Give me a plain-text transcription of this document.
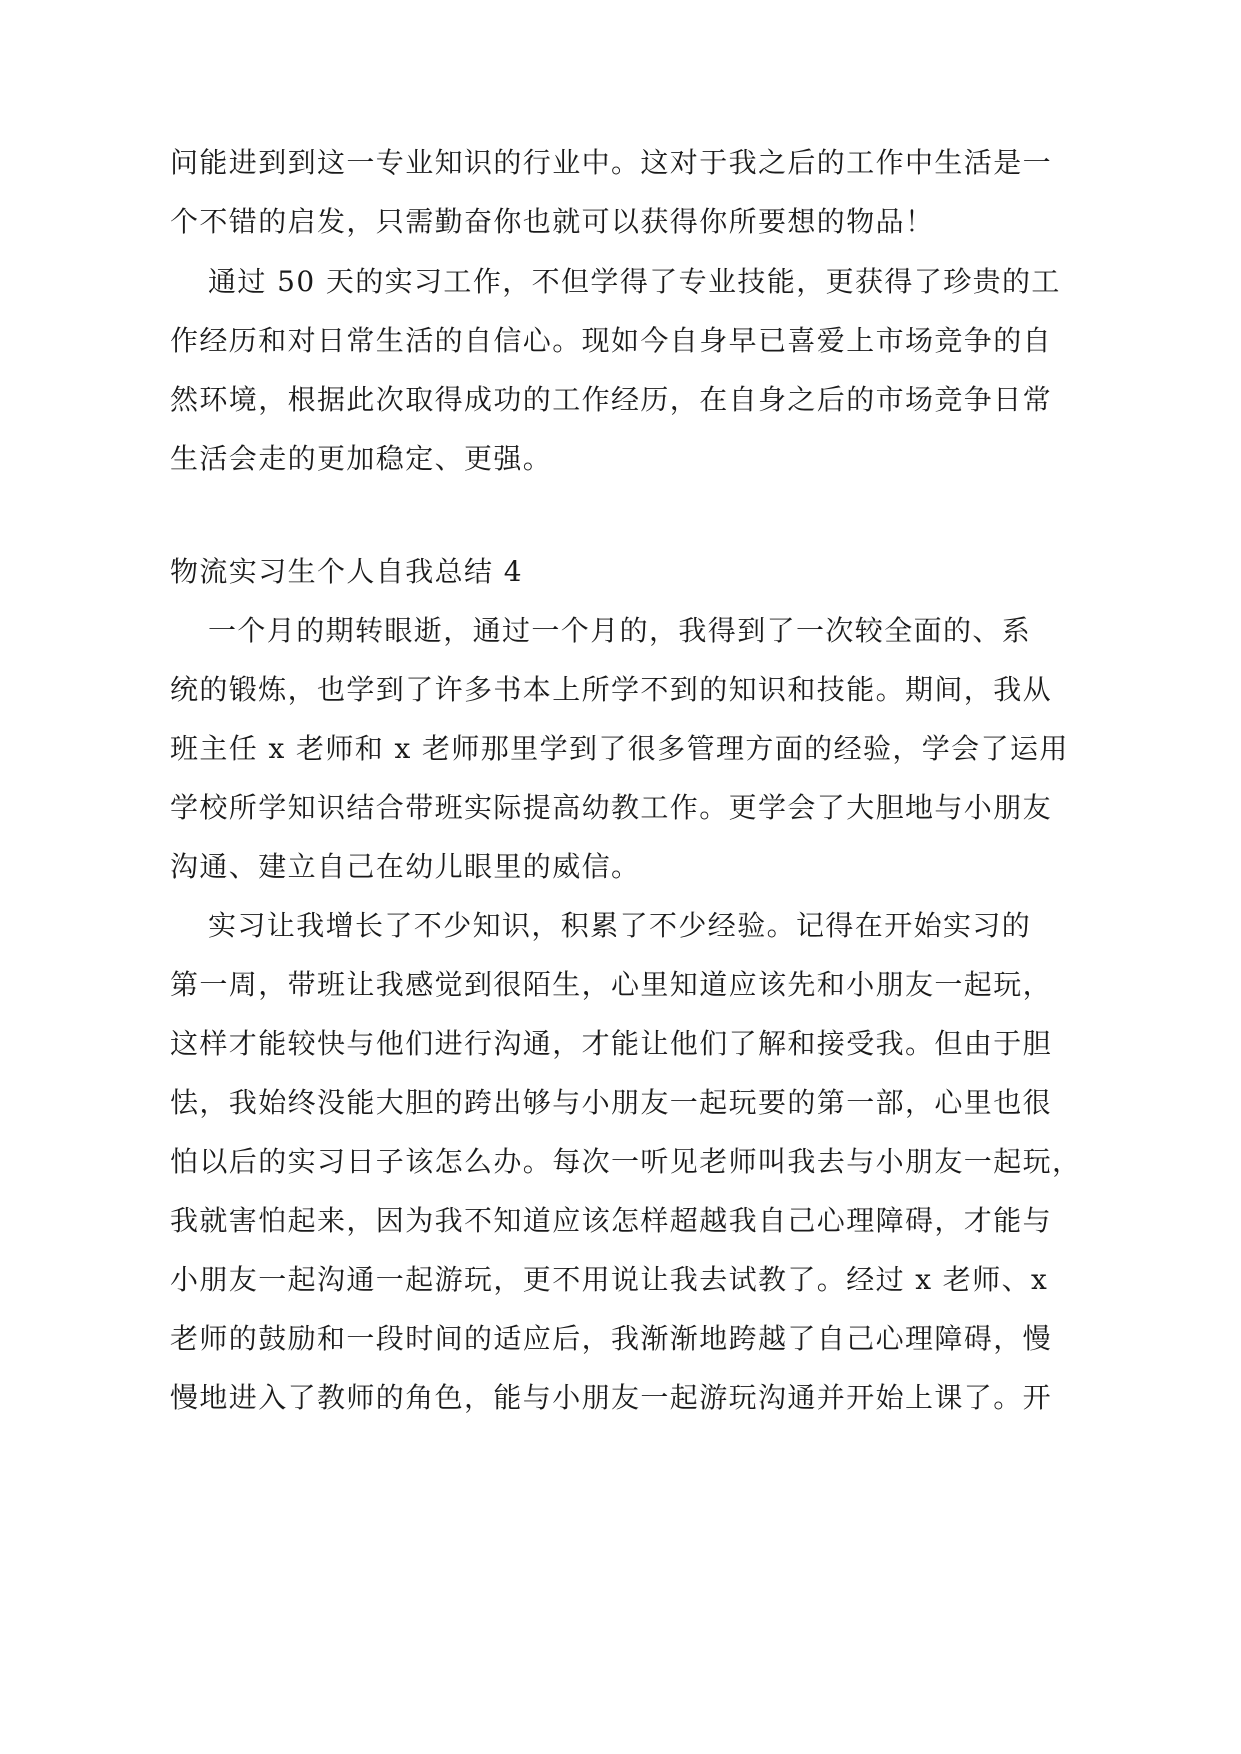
问能进到到这一专业知识的行业中。这对于我之后的工作中生活是一

个不错的启发，只需勤奋你也就可以获得你所要想的物品！

通过 50 天的实习工作，不但学得了专业技能，更获得了珍贵的工

作经历和对日常生活的自信心。现如今自身早已喜爱上市场竞争的自

然环境，根据此次取得成功的工作经历，在自身之后的市场竞争日常

生活会走的更加稳定、更强。

物流实习生个人自我总结 4

一个月的期转眼逝，通过一个月的，我得到了一次较全面的、系

统的锻炼，也学到了许多书本上所学不到的知识和技能。期间，我从

班主任 x 老师和 x 老师那里学到了很多管理方面的经验，学会了运用

学校所学知识结合带班实际提高幼教工作。更学会了大胆地与小朋友

沟通、建立自己在幼儿眼里的威信。

实习让我增长了不少知识，积累了不少经验。记得在开始实习的

第一周，带班让我感觉到很陌生，心里知道应该先和小朋友一起玩，

这样才能较快与他们进行沟通，才能让他们了解和接受我。但由于胆

怯，我始终没能大胆的跨出够与小朋友一起玩要的第一部，心里也很

怕以后的实习日子该怎么办。每次一听见老师叫我去与小朋友一起玩，

我就害怕起来，因为我不知道应该怎样超越我自己心理障碍，才能与

小朋友一起沟通一起游玩，更不用说让我去试教了。经过 x 老师、x

老师的鼓励和一段时间的适应后，我渐渐地跨越了自己心理障碍，慢

慢地进入了教师的角色，能与小朋友一起游玩沟通并开始上课了。开
